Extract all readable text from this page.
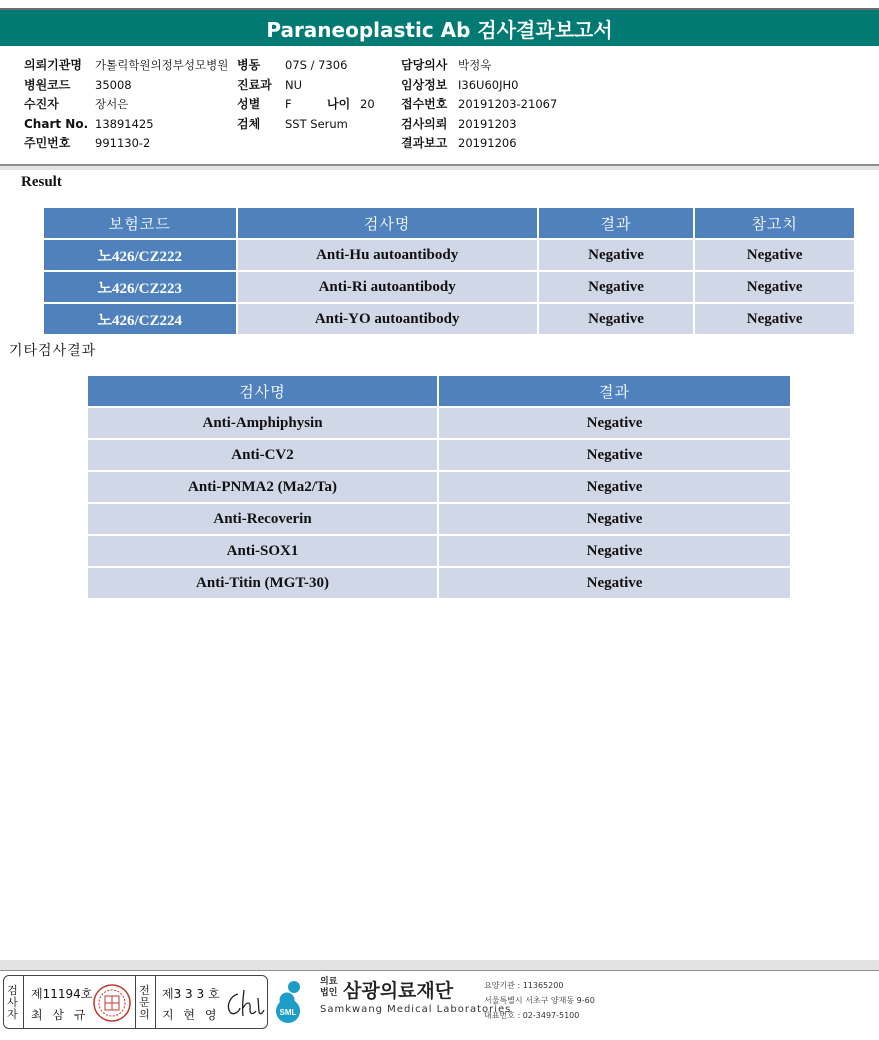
Paraneoplastic Ab 검사결과보고서
의뢰기관명 가톨릭학원의정부성모병원
병원코드 35008
수진자	장서은
Chart No. 13891425
주민번호 991130-2
병동 07S / 7306
진료과 NU
성별 F	나이 20
검체 SST Serum
담당의사 박정욱
임상정보 I36U60JH0
접수번호 20191203-21067
검사의뢰 20191203
결과보고 20191206
Result
보험코드	검사명	결과	참고치
노426/CZ222	Anti-Hu autoantibody	Negative	Negative
노426/CZ223	Anti-Ri autoantibody	Negative	Negative
노426/CZ224	Anti-YO autoantibody	Negative	Negative
기타검사결과
검사명	결과
Anti-Amphiphysin	Negative
Anti-CV2	Negative
Anti-PNMA2 (Ma2/Ta)	Negative
Anti-Recoverin	Negative
Anti-SOX1	Negative
Anti-Titin (MGT-30)	Negative
검
사
자
제11194호
최 삼 규
전
문
의
제3 3 3 호
지 현 영	SML
의료
법인 삼광의료재단
Samkwang Medical Laboratories
요양기관 : 11365200
서울특별시 서초구 양재동 9-60
대표번호 : 02-3497-5100
